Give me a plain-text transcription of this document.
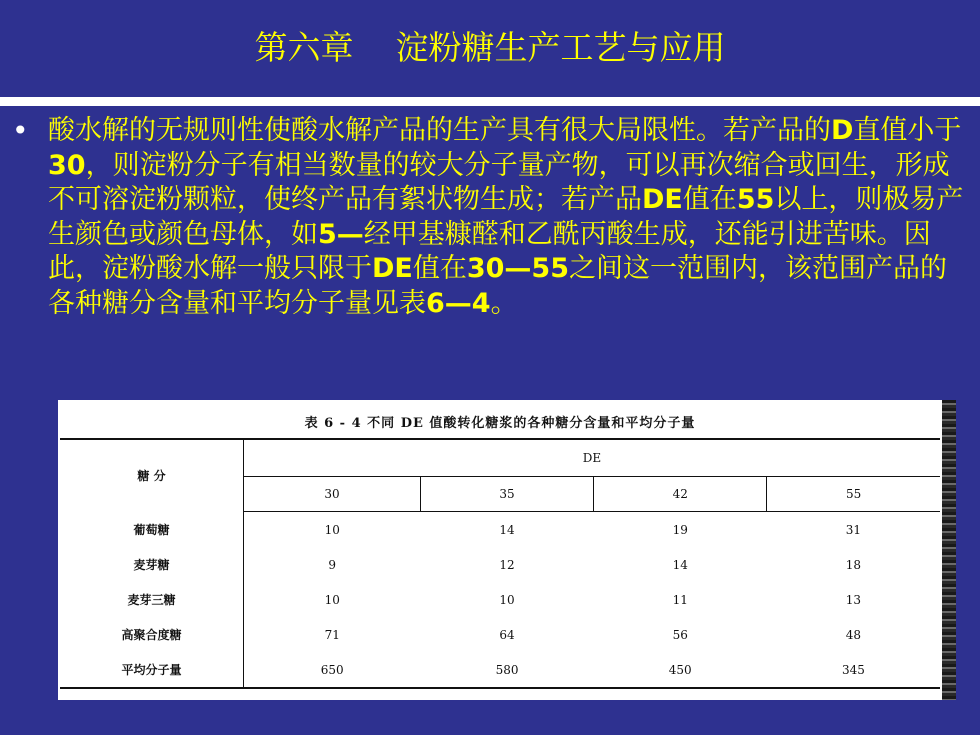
第六章    淀粉糖生产工艺与应用
• 酸水解的无规则性使酸水解产品的生产具有很大局限性。若产品的D直值小于30，则淀粉分子有相当数量的较大分子量产物，可以再次缩合或回生，形成不可溶淀粉颗粒，使终产品有絮状物生成；若产品DE值在55以上，则极易产生颜色或颜色母体，如5—经甲基糠醛和乙酰丙酸生成，还能引进苦味。因此，淀粉酸水解一般只限于DE值在30—55之间这一范围内，该范围产品的各种糖分含量和平均分子量见表6—4。
表 6 - 4 不同 DE 值酸转化糖浆的各种糖分含量和平均分子量
糖 分	DE			
	30	35	42	55
葡萄糖	10	14	19	31
麦芽糖	9	12	14	18
麦芽三糖	10	10	11	13
高聚合度糖	71	64	56	48
平均分子量	650	580	450	345
